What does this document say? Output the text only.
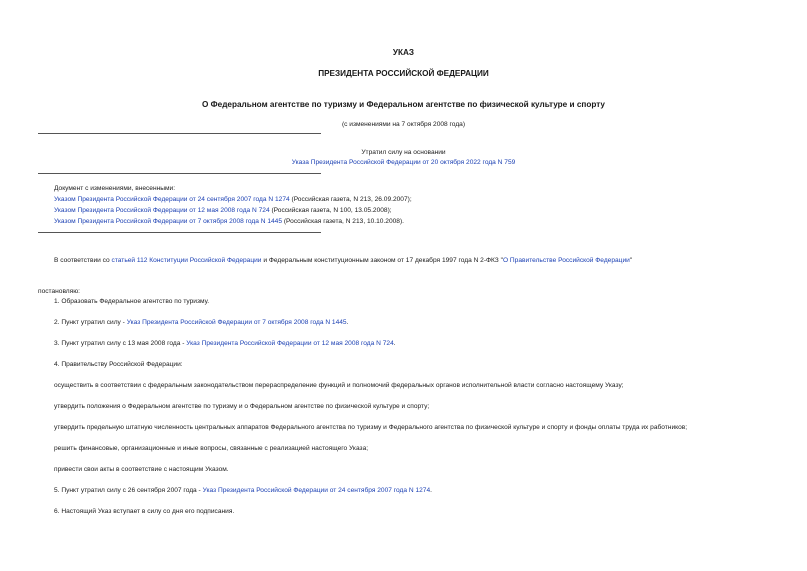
УКАЗ
ПРЕЗИДЕНТА РОССИЙСКОЙ ФЕДЕРАЦИИ
О Федеральном агентстве по туризму и Федеральном агентстве по физической культуре и спорту
(с изменениями на 7 октября 2008 года)
Утратил силу на основании
Указа Президента Российской Федерации от 20 октября 2022 года N 759
Документ с изменениями, внесенными:
Указом Президента Российской Федерации от 24 сентября 2007 года N 1274 (Российская газета, N 213, 26.09.2007);
Указом Президента Российской Федерации от 12 мая 2008 года N 724 (Российская газета, N 100, 13.05.2008);
Указом Президента Российской Федерации от 7 октября 2008 года N 1445 (Российская газета, N 213, 10.10.2008).
В соответствии со статьей 112 Конституции Российской Федерации и Федеральным конституционным законом от 17 декабря 1997 года N 2-ФКЗ "О Правительстве Российской Федерации"
постановляю:
1. Образовать Федеральное агентство по туризму.
2. Пункт утратил силу - Указ Президента Российской Федерации от 7 октября 2008 года N 1445.
3. Пункт утратил силу с 13 мая 2008 года - Указ Президента Российской Федерации от 12 мая 2008 года N 724.
4. Правительству Российской Федерации:
осуществить в соответствии с федеральным законодательством перераспределение функций и полномочий федеральных органов исполнительной власти согласно настоящему Указу;
утвердить положения о Федеральном агентстве по туризму и о Федеральном агентстве по физической культуре и спорту;
утвердить предельную штатную численность центральных аппаратов Федерального агентства по туризму и Федерального агентства по физической культуре и спорту и фонды оплаты труда их работников;
решить финансовые, организационные и иные вопросы, связанные с реализацией настоящего Указа;
привести свои акты в соответствие с настоящим Указом.
5. Пункт утратил силу с 26 сентября 2007 года - Указ Президента Российской Федерации от 24 сентября 2007 года N 1274.
6. Настоящий Указ вступает в силу со дня его подписания.
